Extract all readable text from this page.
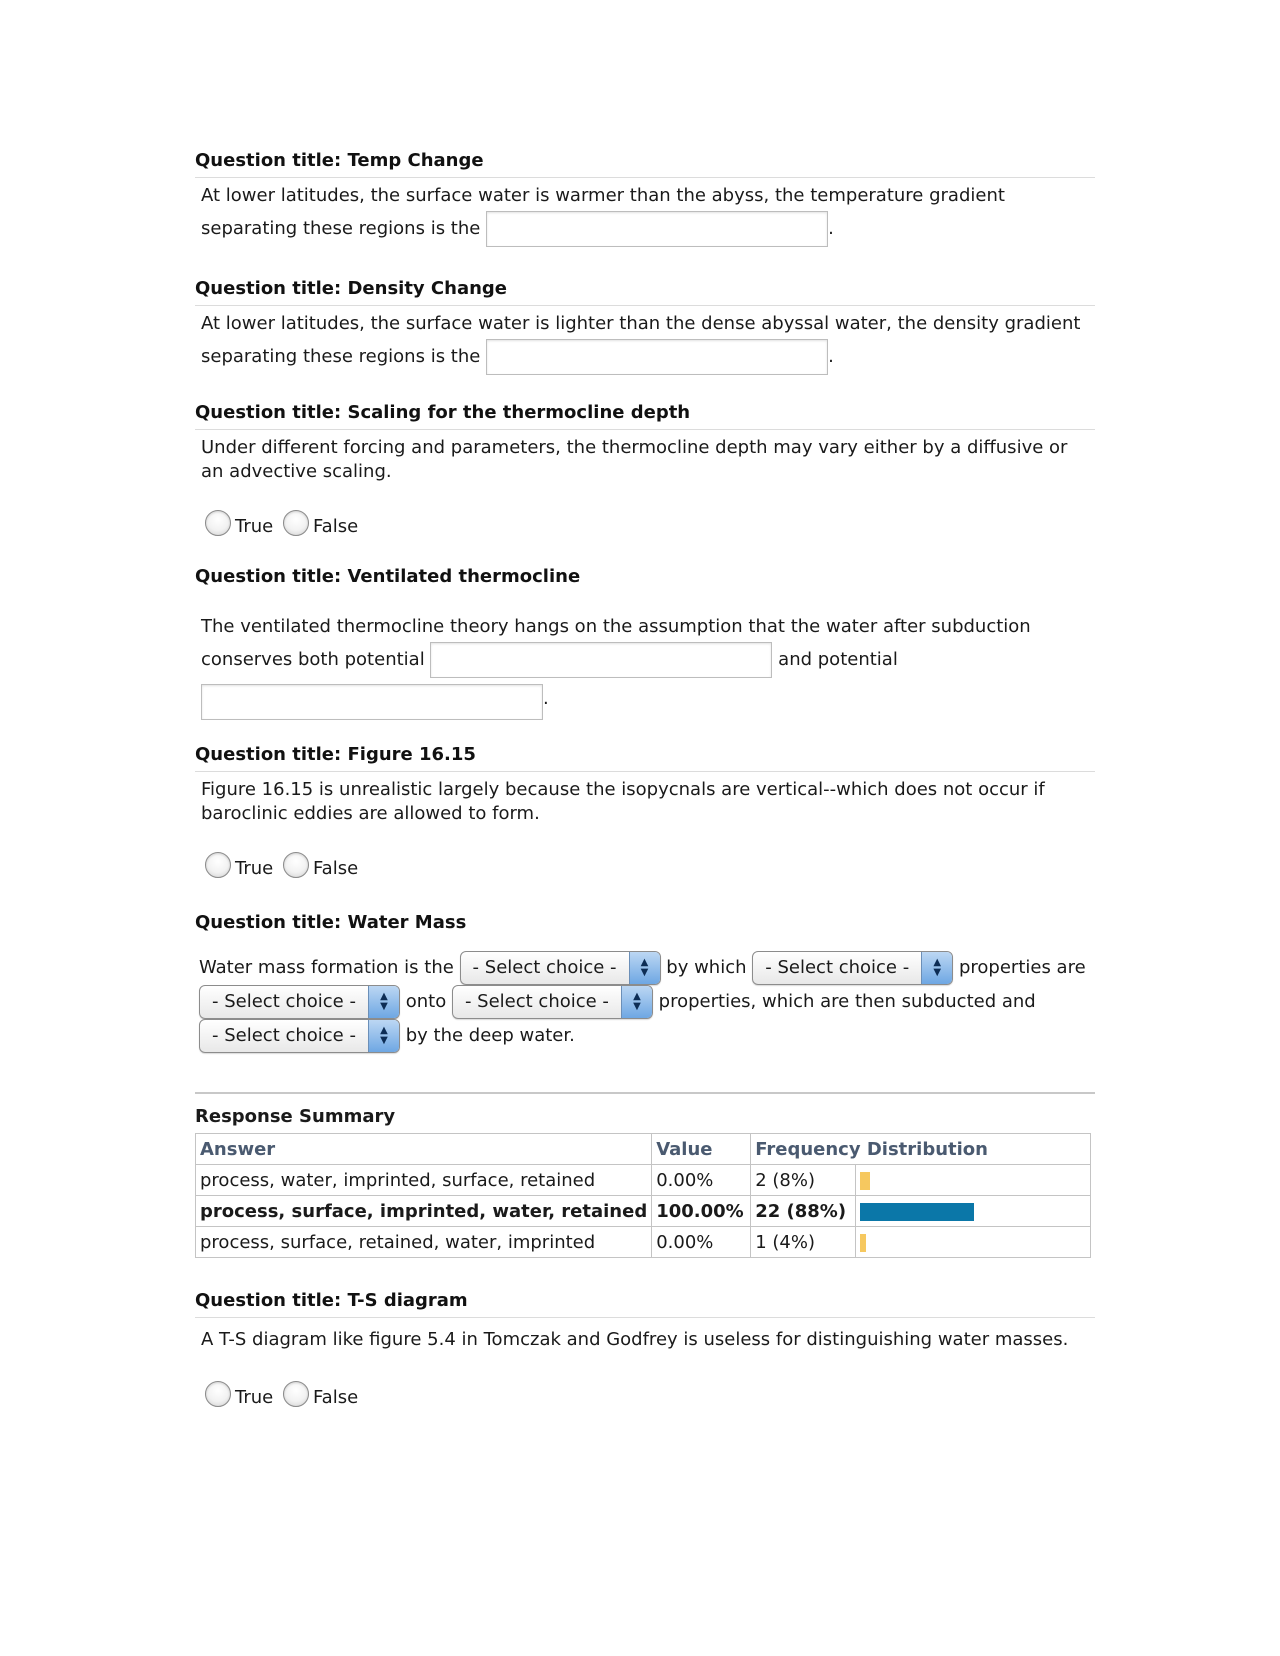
Question title: Temp Change
At lower latitudes, the surface water is warmer than the abyss, the temperature gradient
separating these regions is the	.
Question title: Density Change
At lower latitudes, the surface water is lighter than the dense abyssal water, the density gradient
separating these regions is the	.
Question title: Scaling for the thermocline depth
Under different forcing and parameters, the thermocline depth may vary either by a diffusive or an advective scaling.
True False
Question title: Ventilated thermocline
The ventilated thermocline theory hangs on the assumption that the water after subduction
conserves both potential	and potential
.
Question title: Figure 16.15
Figure 16.15 is unrealistic largely because the isopycnals are vertical--which does not occur if baroclinic eddies are allowed to form.
True False
Question title: Water Mass
Water mass formation is the	- Select choice -	▲
▼ by which	- Select choice -	▲
▼ properties are

- Select choice -	▲
▼ onto	- Select choice -	▲
▼ properties, which are then subducted and

- Select choice -	▲
▼ by the deep water.
Response Summary
Answer	Value	Frequency Distribution	
process, water, imprinted, surface, retained	0.00%	2 (8%)	
process, surface, imprinted, water, retained	100.00%	22 (88%)	
process, surface, retained, water, imprinted	0.00%	1 (4%)	
Question title: T-S diagram
A T-S diagram like figure 5.4 in Tomczak and Godfrey is useless for distinguishing water masses.
True False
